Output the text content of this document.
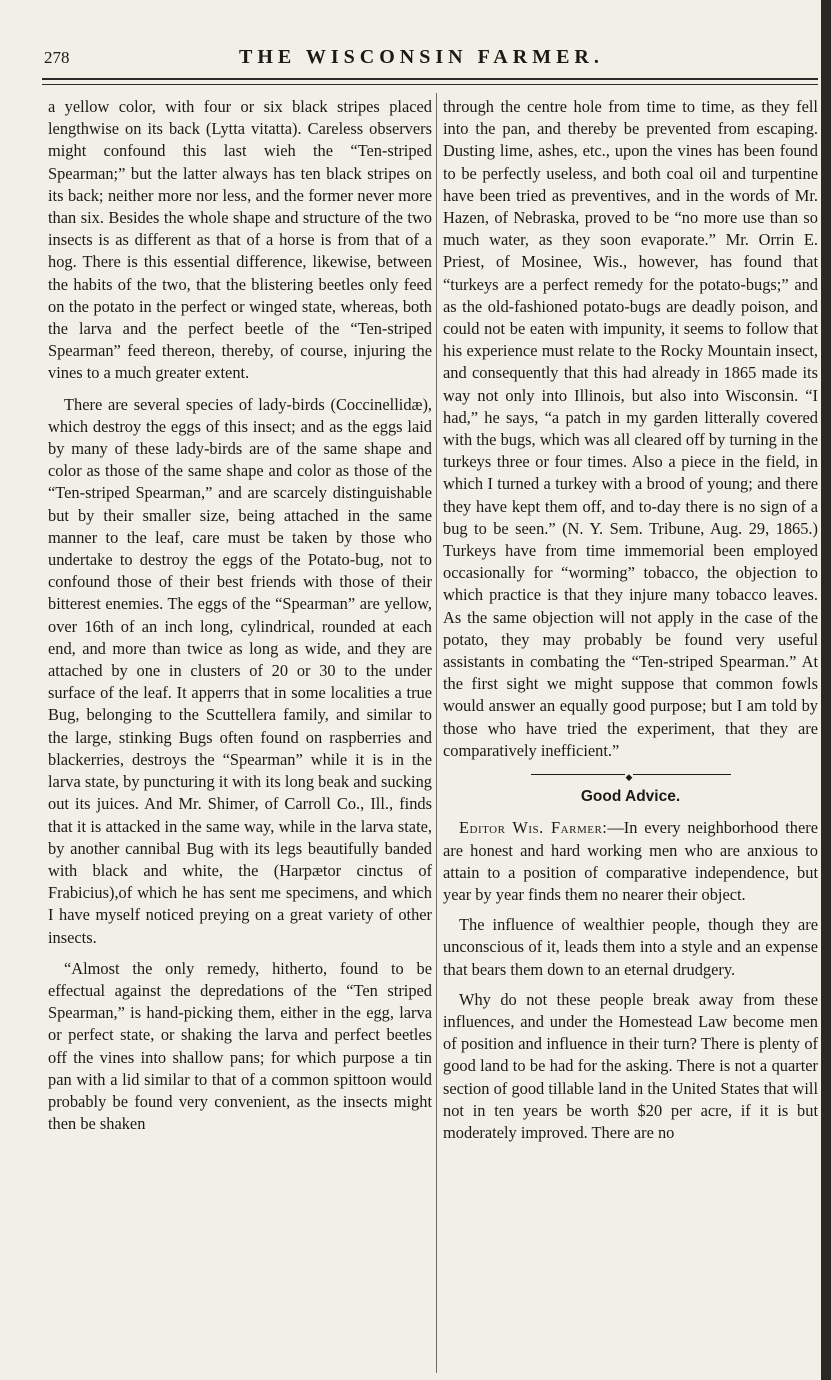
278	THE WISCONSIN FARMER.

a yellow color, with four or six black stripes placed lengthwise on its back (Lytta vitatta). Careless observers might confound this last wieh the “Ten-striped Spearman;” but the latter always has ten black stripes on its back; neither more nor less, and the former never more than six. Besides the whole shape and structure of the two insects is as different as that of a horse is from that of a hog. There is this essential difference, likewise, between the habits of the two, that the blistering beetles only feed on the potato in the perfect or winged state, whereas, both the larva and the perfect beetle of the “Ten-striped Spearman” feed thereon, thereby, of course, injuring the vines to a much greater extent.

There are several species of lady-birds (Coccinellidæ), which destroy the eggs of this insect; and as the eggs laid by many of these lady-birds are of the same shape and color as those of the same shape and color as those of the “Ten-striped Spearman,” and are scarcely distinguishable but by their smaller size, being attached in the same manner to the leaf, care must be taken by those who undertake to destroy the eggs of the Potato-bug, not to confound those of their best friends with those of their bitterest enemies. The eggs of the “Spearman” are yellow, over 16th of an inch long, cylindrical, rounded at each end, and more than twice as long as wide, and they are attached by one in clusters of 20 or 30 to the under surface of the leaf. It apperrs that in some localities a true Bug, belonging to the Scuttellera family, and similar to the large, stinking Bugs often found on raspberries and blackerries, destroys the “Spearman” while it is in the larva state, by puncturing it with its long beak and sucking out its juices. And Mr. Shimer, of Carroll Co., Ill., finds that it is attacked in the same way, while in the larva state, by another cannibal Bug with its legs beautifully banded with black and white, the (Harpætor cinctus of Frabicius),of which he has sent me specimens, and which I have myself noticed preying on a great variety of other insects.

“Almost the only remedy, hitherto, found to be effectual against the depredations of the “Ten striped Spearman,” is hand-picking them, either in the egg, larva or perfect state, or shaking the larva and perfect beetles off the vines into shallow pans; for which purpose a tin pan with a lid similar to that of a common spittoon would probably be found very convenient, as the insects might then be shaken

through the centre hole from time to time, as they fell into the pan, and thereby be prevented from escaping. Dusting lime, ashes, etc., upon the vines has been found to be perfectly useless, and both coal oil and turpentine have been tried as preventives, and in the words of Mr. Hazen, of Nebraska, proved to be “no more use than so much water, as they soon evaporate.” Mr. Orrin E. Priest, of Mosinee, Wis., however, has found that “turkeys are a perfect remedy for the potato-bugs;” and as the old-fashioned potato-bugs are deadly poison, and could not be eaten with impunity, it seems to follow that his experience must relate to the Rocky Mountain insect, and consequently that this had already in 1865 made its way not only into Illinois, but also into Wisconsin. “I had,” he says, “a patch in my garden litterally covered with the bugs, which was all cleared off by turning in the turkeys three or four times. Also a piece in the field, in which I turned a turkey with a brood of young; and there they have kept them off, and to-day there is no sign of a bug to be seen.” (N. Y. Sem. Tribune, Aug. 29, 1865.) Turkeys have from time immemorial been employed occasionally for “worming” tobacco, the objection to which practice is that they injure many tobacco leaves. As the same objection will not apply in the case of the potato, they may probably be found very useful assistants in combating the “Ten-striped Spearman.” At the first sight we might suppose that common fowls would answer an equally good purpose; but I am told by those who have tried the experiment, that they are comparatively inefficient.”

◆
Good Advice.

Editor Wis. Farmer:—In every neighborhood there are honest and hard working men who are anxious to attain to a position of comparative independence, but year by year finds them no nearer their object.

The influence of wealthier people, though they are unconscious of it, leads them into a style and an expense that bears them down to an eternal drudgery.

Why do not these people break away from these influences, and under the Homestead Law become men of position and influence in their turn? There is plenty of good land to be had for the asking. There is not a quarter section of good tillable land in the United States that will not in ten years be worth $20 per acre, if it is but moderately improved. There are no
